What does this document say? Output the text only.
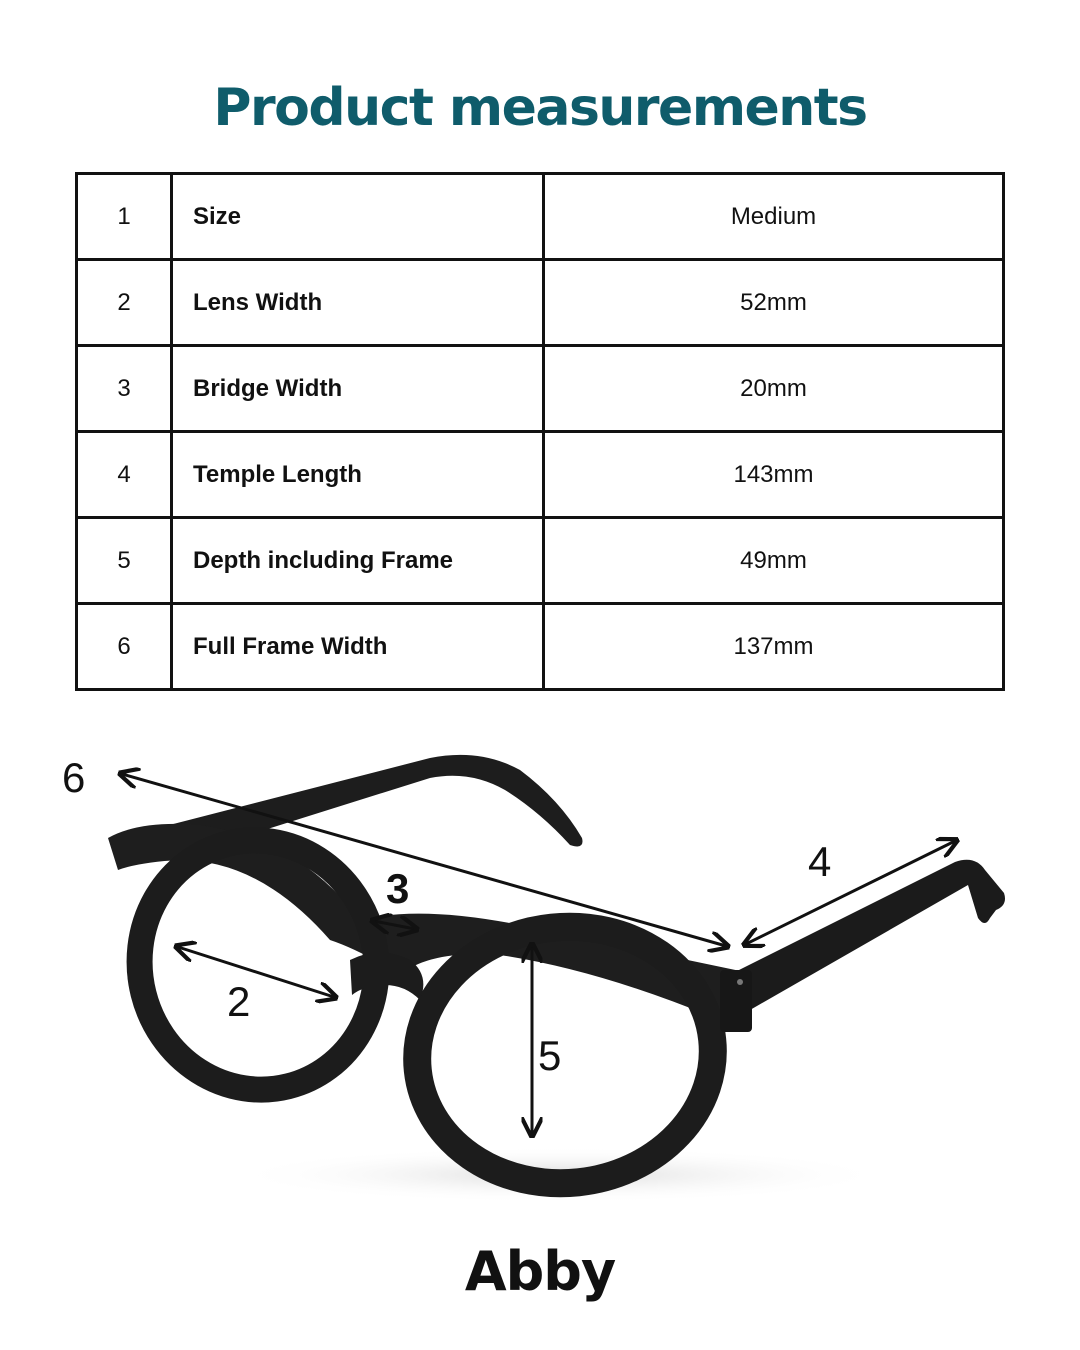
Product measurements
1	Size	Medium
2	Lens Width	52mm
3	Bridge Width	20mm
4	Temple Length	143mm
5	Depth including Frame	49mm
6	Full Frame Width	137mm
6
3
4
2
5
Abby
